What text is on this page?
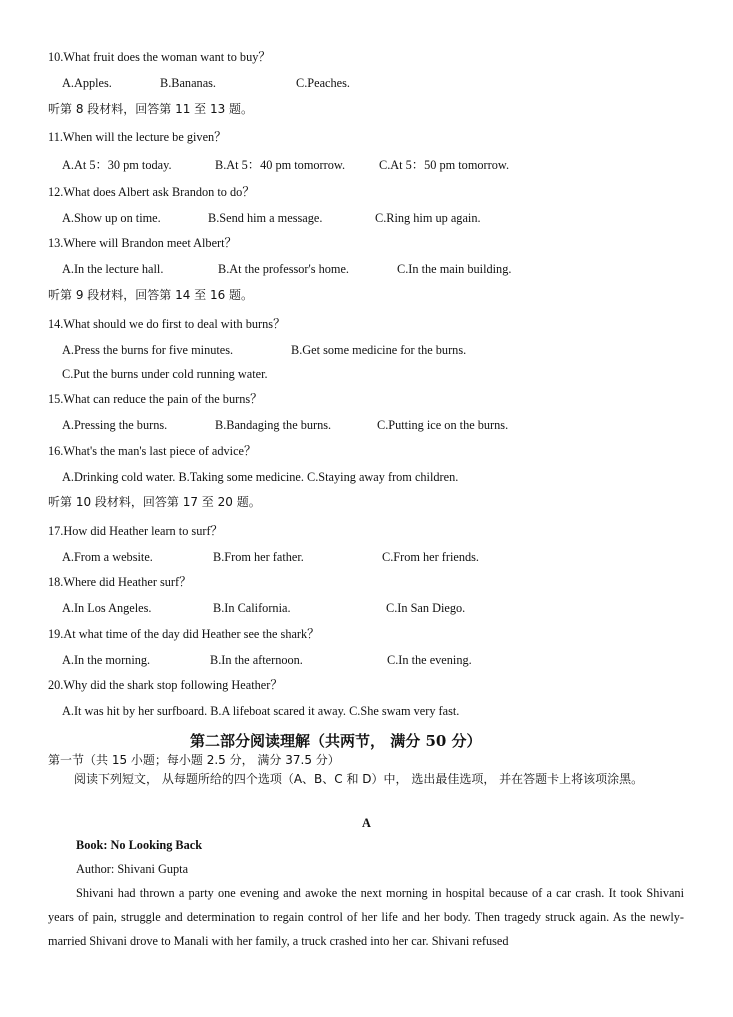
10.What fruit does the woman want to buy？
A.Apples.	B.Bananas.	C.Peaches.
听第 8 段材料，回答第 11 至 13 题。
11.When will the lecture be given？
A.At 5：30 pm today.	B.At 5：40 pm tomorrow.	C.At 5：50 pm tomorrow.
12.What does Albert ask Brandon to do？
A.Show up on time.	B.Send him a message.	C.Ring him up again.
13.Where will Brandon meet Albert？
A.In the lecture hall.	B.At the professor's home.	C.In the main building.
听第 9 段材料，回答第 14 至 16 题。
14.What should we do first to deal with burns？
A.Press the burns for five minutes.	B.Get some medicine for the burns.
C.Put the burns under cold running water.
15.What can reduce the pain of the burns？
A.Pressing the burns.	B.Bandaging the burns.	C.Putting ice on the burns.
16.What's the man's last piece of advice？
A.Drinking cold water. B.Taking some medicine. C.Staying away from children.
听第 10 段材料，回答第 17 至 20 题。
17.How did Heather learn to surf？
A.From a website.	B.From her father.	C.From her friends.
18.Where did Heather surf？
A.In Los Angeles.	B.In California.	C.In San Diego.
19.At what time of the day did Heather see the shark？
A.In the morning.	B.In the afternoon.	C.In the evening.
20.Why did the shark stop following Heather？
A.It was hit by her surfboard. B.A lifeboat scared it away. C.She swam very fast.
第二部分阅读理解（共两节， 满分 50 分）
第一节（共 15 小题；每小题 2.5 分， 满分 37.5 分）
阅读下列短文， 从每题所给的四个选项（A、B、C 和 D）中， 选出最佳选项， 并在答题卡上将该项涂黑。
A
Book: No Looking Back
Author: Shivani Gupta
Shivani had thrown a party one evening and awoke the next morning in hospital because of a car crash. It took Shivani years of pain, struggle and determination to regain control of her life and her body. Then tragedy struck again. As the newly-married Shivani drove to Manali with her family, a truck crashed into her car. Shivani refused
